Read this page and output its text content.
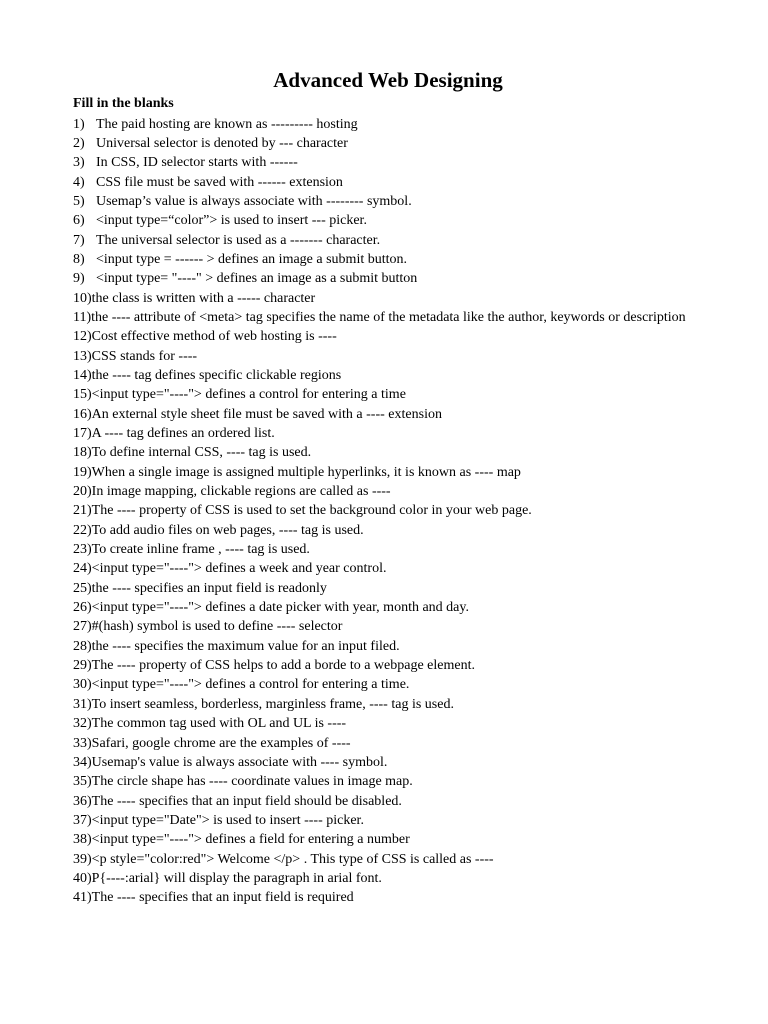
Advanced Web Designing

Fill in the blanks

1) The paid hosting are known as --------- hosting
2) Universal selector is denoted by --- character
3) In CSS, ID selector starts with ------
4) CSS file must be saved with ------ extension
5) Usemap’s value is always associate with -------- symbol.
6) <input type=“color”> is used to insert --- picker.
7) The universal selector is used as a ------- character.
8) <input type = ------ > defines an image a submit button.
9) <input type= "----" > defines an image as a submit button
10) the class is written with a ----- character
11) the ---- attribute of <meta> tag specifies the name of the metadata like the author, keywords or description
12) Cost effective method of web hosting is ----
13) CSS stands for ----
14) the ---- tag defines specific clickable regions
15) <input type="----"> defines a control for entering a time
16) An external style sheet file must be saved with a ---- extension
17) A ---- tag defines an ordered list.
18) To define internal CSS, ---- tag is used.
19) When a single image is assigned multiple hyperlinks, it is known as ---- map
20) In image mapping, clickable regions are called as ----
21) The ---- property of CSS is used to set the background color in your web page.
22) To add audio files on web pages, ---- tag is used.
23) To create inline frame , ---- tag is used.
24) <input type="----"> defines a week and year control.
25) the ---- specifies an input field is readonly
26) <input type="----"> defines a date picker with year, month and day.
27) #(hash) symbol is used to define ---- selector
28) the ---- specifies the maximum value for an input filed.
29) The ---- property of CSS helps to add a borde to a webpage element.
30) <input type="----"> defines a control for entering a time.
31) To insert seamless, borderless, marginless frame, ---- tag is used.
32) The common tag used with OL and UL is ----
33) Safari, google chrome are the examples of ----
34) Usemap's value is always associate with ---- symbol.
35) The circle shape has ---- coordinate values in image map.
36) The ---- specifies that an input field should be disabled.
37) <input type="Date"> is used to insert ---- picker.
38) <input type="----"> defines a field for entering a number
39) <p style="color:red"> Welcome </p> . This type of CSS is called as ----
40) P{----:arial} will display the paragraph in arial font.
41) The ---- specifies that an input field is required
